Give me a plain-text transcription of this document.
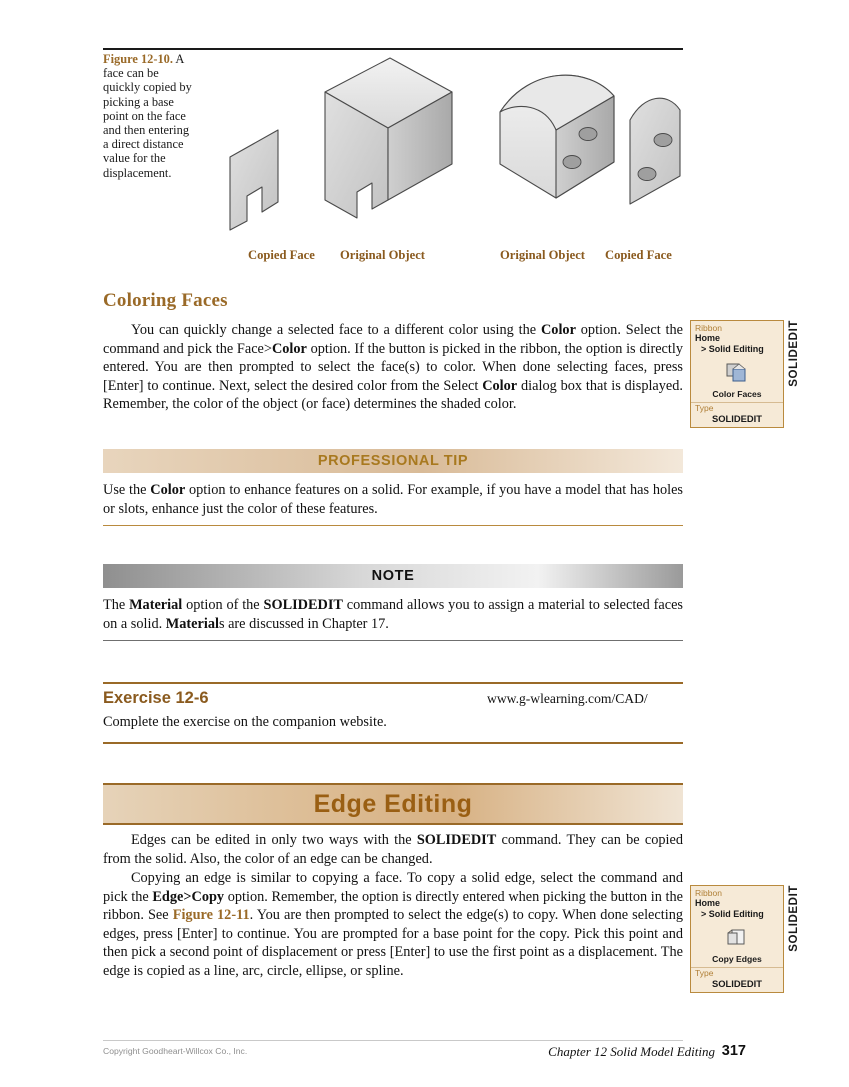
Figure 12-10. A face can be quickly copied by picking a base point on the face and then entering a direct distance value for the displacement.
Copied Face Original Object	Original Object Copied Face
Coloring Faces
You can quickly change a selected face to a different color using the Color option. Select the command and pick the Face>Color option. If the button is picked in the ribbon, the option is directly entered. You are then prompted to select the face(s) to color. When done selecting faces, press [Enter] to continue. Next, select the desired color from the Select Color dialog box that is displayed. Remember, the color of the object (or face) determines the shaded color.
Ribbon
Home
> Solid Editing
Color Faces
Type
SOLIDEDIT
SOLIDEDIT
PROFESSIONAL TIP
Use the Color option to enhance features on a solid. For example, if you have a model that has holes or slots, enhance just the color of these features.
NOTE
The Material option of the SOLIDEDIT command allows you to assign a material to selected faces on a solid. Materials are discussed in Chapter 17.
Exercise 12-6	www.g-wlearning.com/CAD/
Complete the exercise on the companion website.
Edge Editing
Edges can be edited in only two ways with the SOLIDEDIT command. They can be copied from the solid. Also, the color of an edge can be changed.
Copying an edge is similar to copying a face. To copy a solid edge, select the command and pick the Edge>Copy option. Remember, the option is directly entered when picking the button in the ribbon. See Figure 12-11. You are then prompted to select the edge(s) to copy. When done selecting edges, press [Enter] to continue. You are prompted for a base point for the copy. Pick this point and then pick a second point of displacement or press [Enter] to use the first point as a displacement. The edge is copied as a line, arc, circle, ellipse, or spline.
Ribbon
Home
> Solid Editing
Copy Edges
Type
SOLIDEDIT
SOLIDEDIT
Copyright Goodheart-Willcox Co., Inc.	Chapter 12 Solid Model Editing 317
